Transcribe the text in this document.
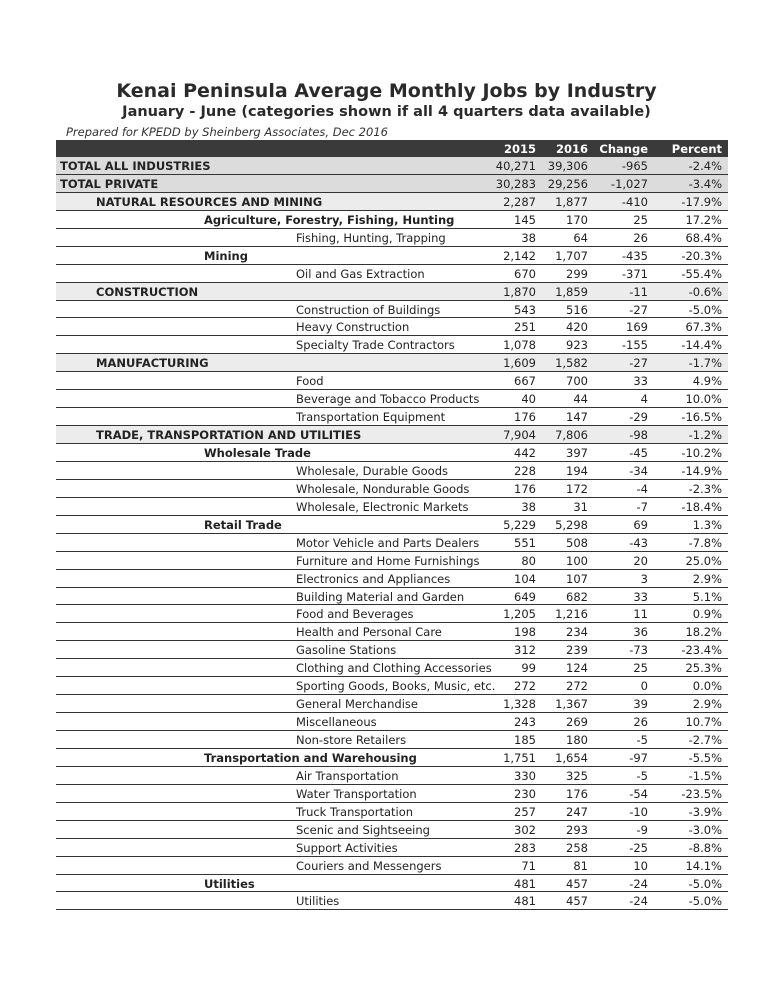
Kenai Peninsula Average Monthly Jobs by Industry
January - June (categories shown if all 4 quarters data available)
Prepared for KPEDD by Sheinberg Associates, Dec 2016
2015 2016 Change Percent
TOTAL ALL INDUSTRIES	40,271 39,306	-965	-2.4%
TOTAL PRIVATE	30,283 29,256 -1,027	-3.4%
NATURAL RESOURCES AND MINING	2,287 1,877	-410	-17.9%
Agriculture, Forestry, Fishing, Hunting	145	170	25	17.2%
Fishing, Hunting, Trapping	38	64	26	68.4%
Mining	2,142 1,707	-435	-20.3%
Oil and Gas Extraction	670	299	-371	-55.4%
CONSTRUCTION	1,870 1,859	-11	-0.6%
Construction of Buildings	543	516	-27	-5.0%
Heavy Construction	251	420	169	67.3%
Specialty Trade Contractors	1,078	923	-155	-14.4%
MANUFACTURING	1,609 1,582	-27	-1.7%
Food	667	700	33	4.9%
Beverage and Tobacco Products	40	44	4	10.0%
Transportation Equipment	176	147	-29	-16.5%
TRADE, TRANSPORTATION AND UTILITIES	7,904 7,806	-98	-1.2%
Wholesale Trade	442	397	-45	-10.2%
Wholesale, Durable Goods	228	194	-34	-14.9%
Wholesale, Nondurable Goods	176	172	-4	-2.3%
Wholesale, Electronic Markets	38	31	-7	-18.4%
Retail Trade	5,229 5,298	69	1.3%
Motor Vehicle and Parts Dealers	551	508	-43	-7.8%
Furniture and Home Furnishings	80	100	20	25.0%
Electronics and Appliances	104	107	3	2.9%
Building Material and Garden	649	682	33	5.1%
Food and Beverages	1,205 1,216	11	0.9%
Health and Personal Care	198	234	36	18.2%
Gasoline Stations	312	239	-73	-23.4%
Clothing and Clothing Accessories	99	124	25	25.3%
Sporting Goods, Books, Music, etc. 272	272	0	0.0%
General Merchandise	1,328 1,367	39	2.9%
Miscellaneous	243	269	26	10.7%
Non-store Retailers	185	180	-5	-2.7%
Transportation and Warehousing	1,751 1,654	-97	-5.5%
Air Transportation	330	325	-5	-1.5%
Water Transportation	230	176	-54	-23.5%
Truck Transportation	257	247	-10	-3.9%
Scenic and Sightseeing	302	293	-9	-3.0%
Support Activities	283	258	-25	-8.8%
Couriers and Messengers	71	81	10	14.1%
Utilities	481	457	-24	-5.0%
Utilities	481	457	-24	-5.0%
